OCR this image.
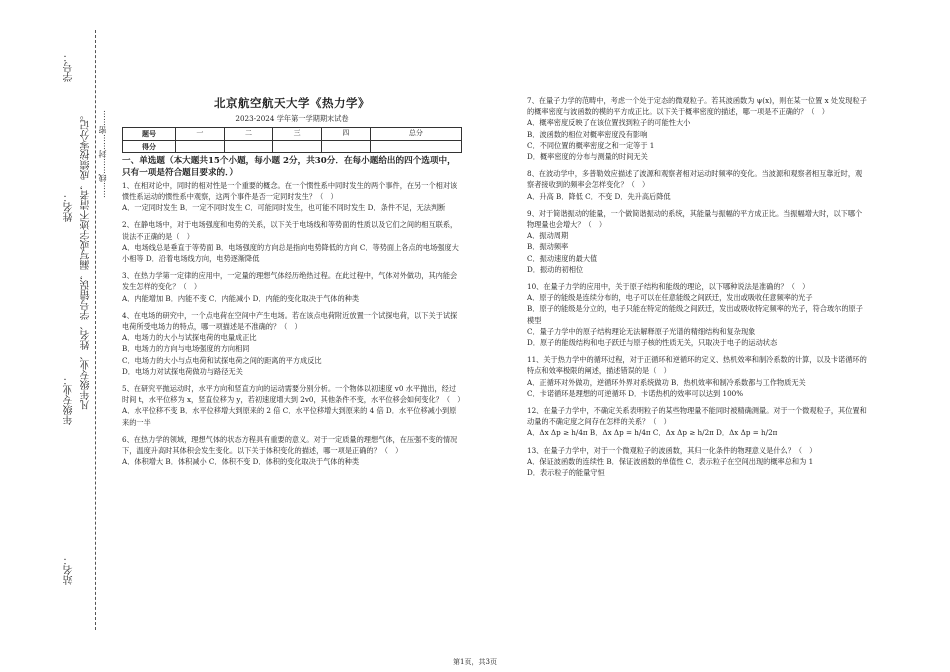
学号：
姓名：
年级专业：
站名：
凡年级专业、姓名、学号错误，漏写或字迹不清者，成绩按零分记。 ……线……封……密……
北京航空航天大学《热力学》
2023-2024 学年第一学期期末试卷
题号	一	二	三	四	总分
得分					
一、单选题（本大题共15个小题，每小题 2分，共30分．在每小题给出的四个选项中，只有一项是符合题目要求的．）

1、在相对论中，同时的相对性是一个重要的概念。在一个惯性系中同时发生的两个事件，在另一个相对该惯性系运动的惯性系中观察，这两个事件是否一定同时发生？（　）

A．一定同时发生 B．一定不同时发生 C．可能同时发生，也可能不同时发生 D．条件不足，无法判断

2、在静电场中，对于电场强度和电势的关系，以下关于电场线和等势面的性质以及它们之间的相互联系，说法不正确的是（　）

A．电场线总是垂直于等势面 B．电场强度的方向总是指向电势降低的方向 C．等势面上各点的电场强度大小相等 D．沿着电场线方向，电势逐渐降低

3、在热力学第一定律的应用中，一定量的理想气体经历绝热过程。在此过程中，气体对外做功，其内能会发生怎样的变化？（　）

A．内能增加 B．内能不变 C．内能减小 D．内能的变化取决于气体的种类

4、在电场的研究中，一个点电荷在空间中产生电场。若在该点电荷附近放置一个试探电荷，以下关于试探电荷所受电场力的特点，哪一项描述是不准确的？（　）

A．电场力的大小与试探电荷的电量成正比

B．电场力的方向与电场强度的方向相同

C．电场力的大小与点电荷和试探电荷之间的距离的平方成反比

D．电场力对试探电荷做功与路径无关

5、在研究平抛运动时，水平方向和竖直方向的运动需要分别分析。一个物体以初速度 v0 水平抛出，经过时间 t，水平位移为 x，竖直位移为 y，若初速度增大到 2v0，其他条件不变，水平位移会如何变化？（　）

A．水平位移不变 B．水平位移增大到原来的 2 倍 C．水平位移增大到原来的 4 倍 D．水平位移减小到原来的一半

6、在热力学的领域，理想气体的状态方程具有重要的意义。对于一定质量的理想气体，在压强不变的情况下，温度升高时其体积会发生变化。以下关于体积变化的描述，哪一项是正确的？（　）

A．体积增大 B．体积减小 C．体积不变 D．体积的变化取决于气体的种类

7、在量子力学的范畴中，考虑一个处于定态的微观粒子。若其波函数为 ψ(x)，则在某一位置 x 处发现粒子的概率密度与波函数的模的平方成正比。以下关于概率密度的描述，哪一项是不正确的？（　）

A．概率密度反映了在该位置找到粒子的可能性大小

B．波函数的相位对概率密度没有影响

C．不同位置的概率密度之和一定等于 1

D．概率密度的分布与测量的时间无关

8、在波动学中，多普勒效应描述了波源和观察者相对运动时频率的变化。当波源和观察者相互靠近时，观察者接收到的频率会怎样变化？（　）

A．升高 B．降低 C．不变 D．先升高后降低

9、对于简谐振动的能量，一个做简谐振动的系统，其能量与振幅的平方成正比。当振幅增大时，以下哪个物理量也会增大？（　）

A．振动周期

B．振动频率

C．振动速度的最大值

D．振动的初相位

10、在量子力学的应用中，关于原子结构和能级的理论，以下哪种说法是准确的？（　）

A．原子的能级是连续分布的，电子可以在任意能级之间跃迁，发出或吸收任意频率的光子

B．原子的能级是分立的，电子只能在特定的能级之间跃迁，发出或吸收特定频率的光子，符合玻尔的原子模型

C．量子力学中的原子结构理论无法解释原子光谱的精细结构和复杂现象

D．原子的能级结构和电子跃迁与原子核的性质无关，只取决于电子的运动状态

11、关于热力学中的循环过程，对于正循环和逆循环的定义、热机效率和制冷系数的计算，以及卡诺循环的特点和效率极限的阐述，描述错误的是（　）

A．正循环对外做功，逆循环外界对系统做功 B．热机效率和制冷系数都与工作物质无关

C．卡诺循环是理想的可逆循环 D．卡诺热机的效率可以达到 100%

12、在量子力学中，不确定关系表明粒子的某些物理量不能同时被精确测量。对于一个微观粒子，其位置和动量的不确定度之间存在怎样的关系？（　）

A．Δx Δp ≥ h/4π B．Δx Δp = h/4π C．Δx Δp ≥ h/2π D．Δx Δp = h/2π

13、在量子力学中，对于一个微观粒子的波函数，其归一化条件的物理意义是什么？（　）

A．保证波函数的连续性 B．保证波函数的单值性 C．表示粒子在空间出现的概率总和为 1

D．表示粒子的能量守恒

第1页，共3页
